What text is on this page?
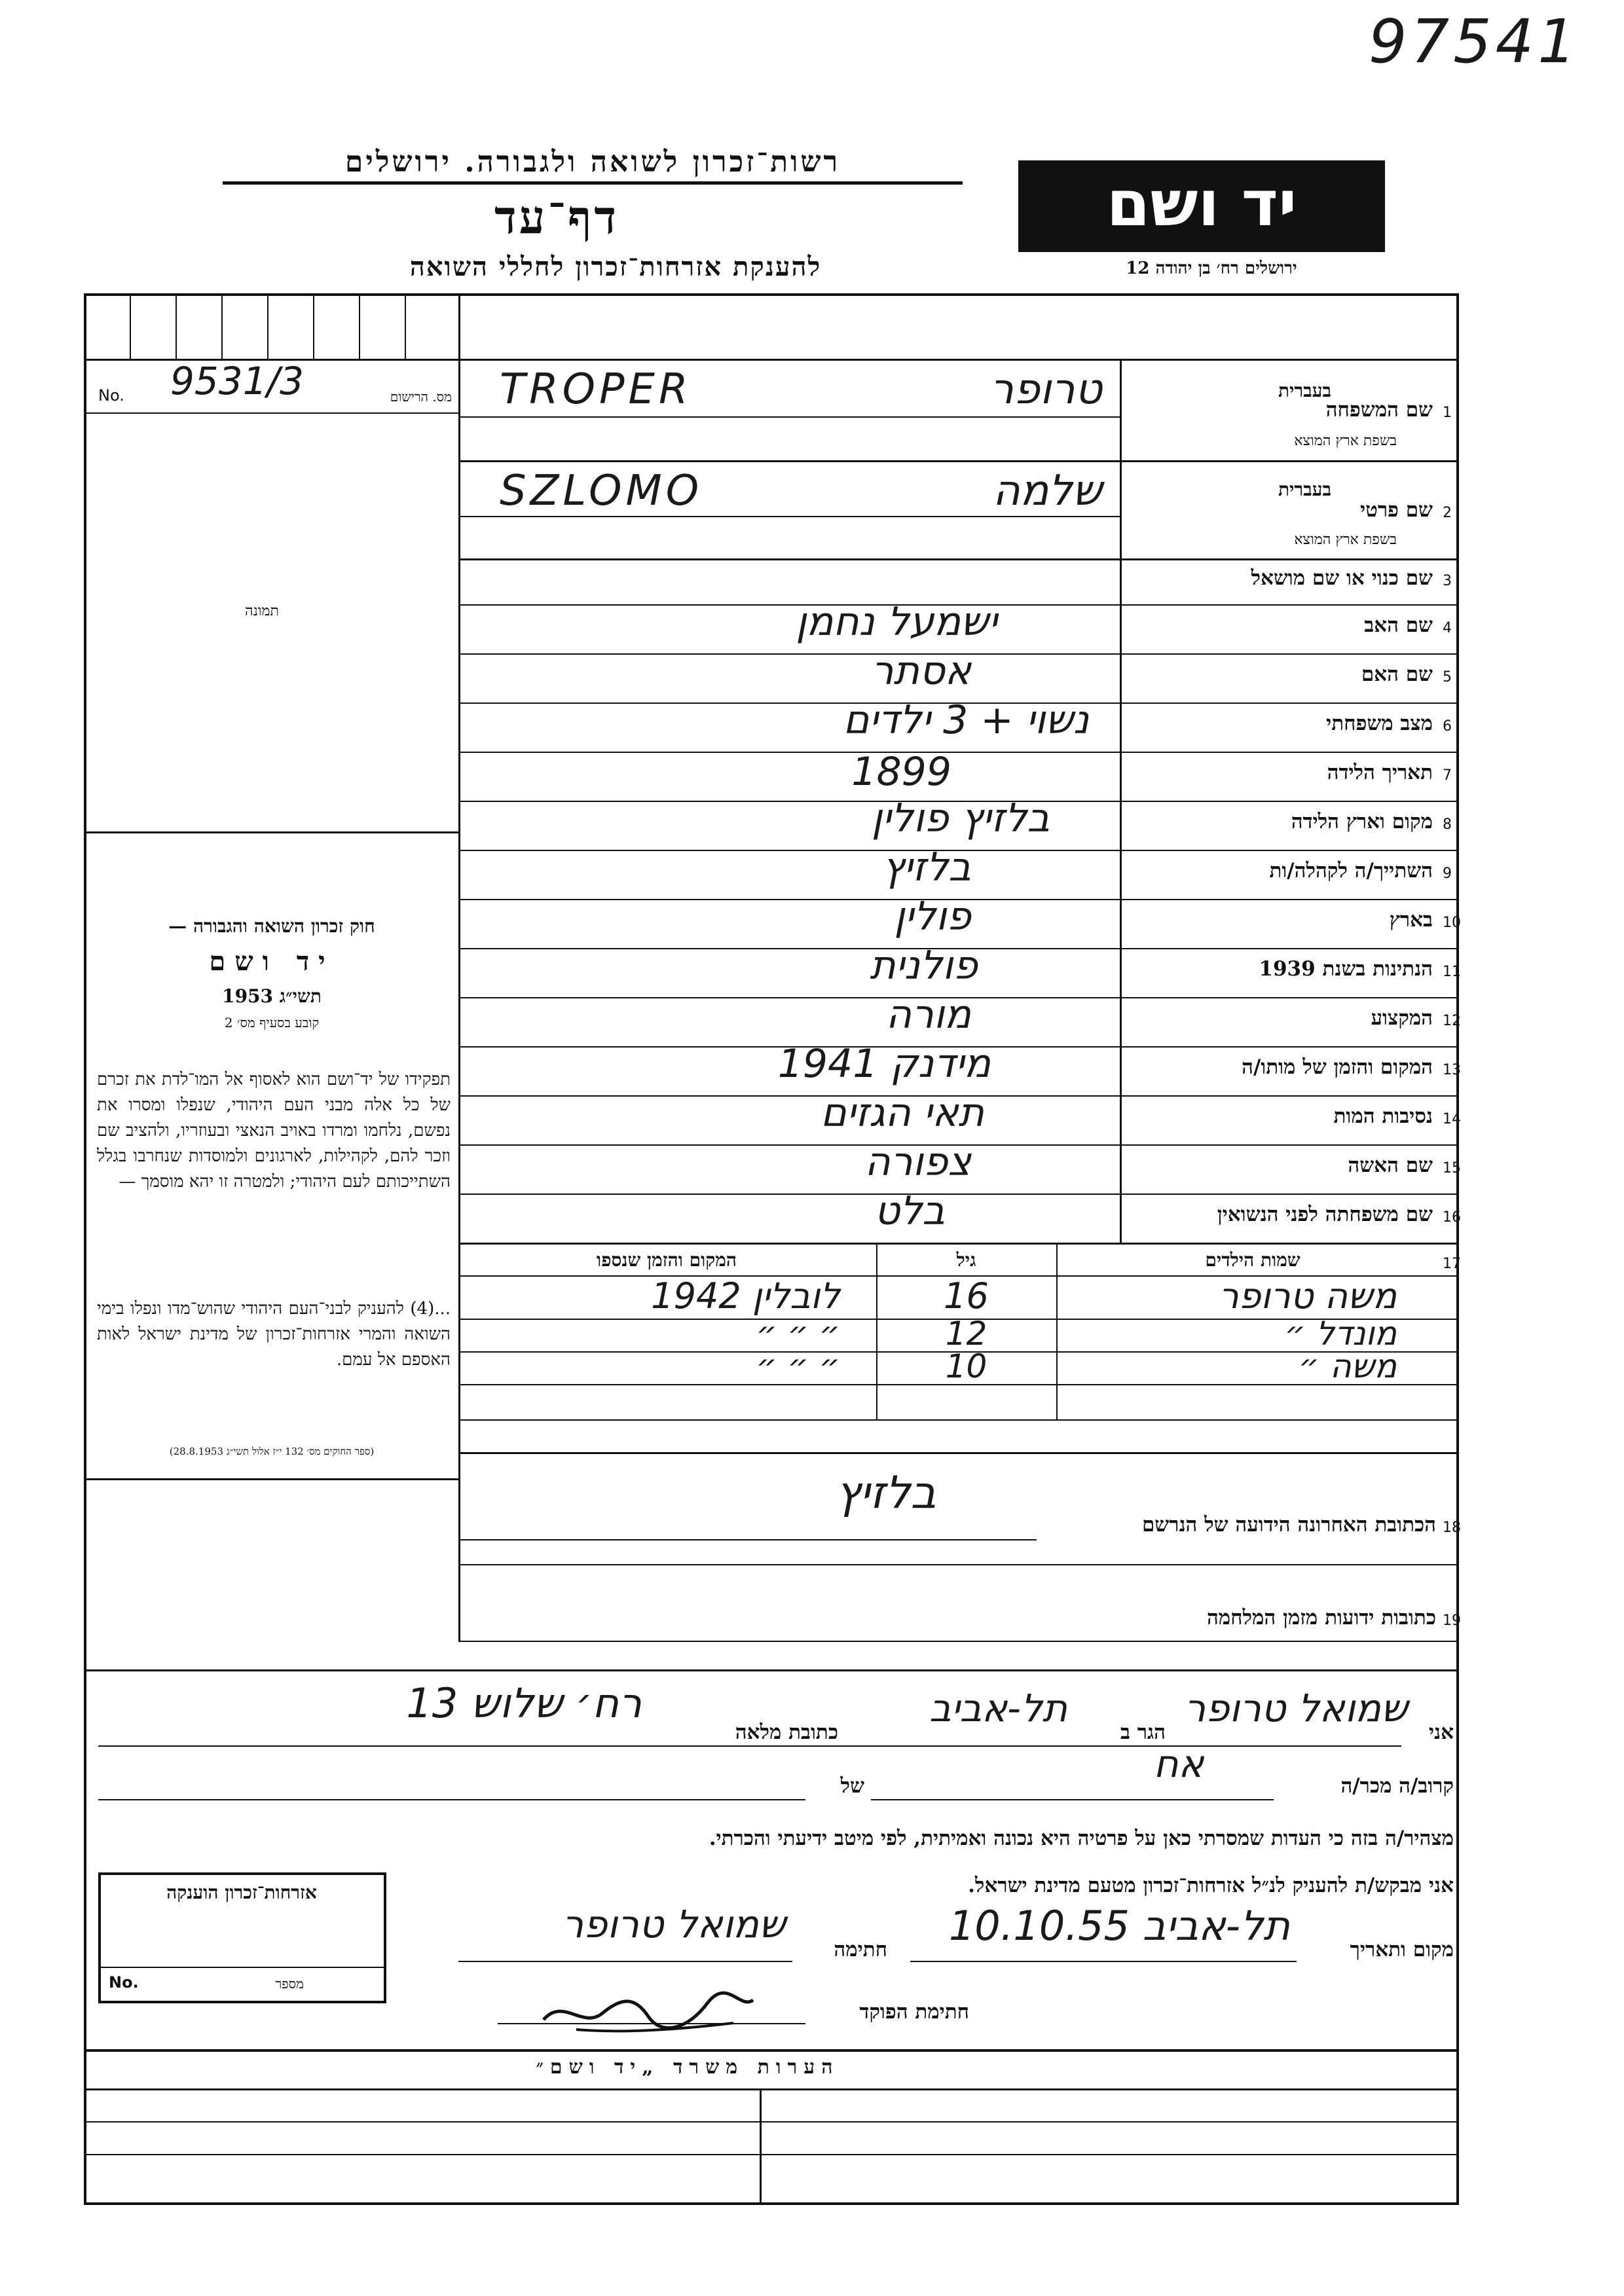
97541
רשות־זכרון לשואה ולגבורה. ירושלים
דף־עד
להענקת אזרחות־זכרון לחללי השואה
יד ושם
ירושלים רח׳ בן יהודה 12
No. 9531/3	מס. הרישום
תמונה
חוק זכרון השואה והגבורה —
יד ושם
תשי״ג 1953
קובע בסעיף מס׳ 2
תפקידו של יד־ושם הוא לאסוף אל המו־לדת את זכרם של כל אלה מבני העם היהודי, שנפלו ומסרו את נפשם, נלחמו ומרדו באויב הנאצי ובעוזריו, ולהציב שם וזכר להם, לקהילות, לארגונים ולמוסדות שנחרבו בגלל השתייכותם לעם היהודי; ולמטרה זו יהא מוסמך —
...(4) להעניק לבני־העם היהודי שהוש־מדו ונפלו בימי השואה והמרי אזרחות־זכרון של מדינת ישראל לאות האספם אל עמם.
(ספר החוקים מס׳ 132 י״ז אלול תשי״ג 28.8.1953)
1
שם המשפחה
בעברית
בשפת ארץ המוצא
טרופר
TROPER
2
שם פרטי
בעברית
בשפת ארץ המוצא
שלמה
SZLOMO
3
שם כנוי או שם מושאל
4
שם האב
ישמעל נחמן
5
שם האם
אסתר
6
מצב משפחתי
נשוי + 3 ילדים
7
תאריך הלידה
1899
8
מקום וארץ הלידה
בלזיץ פולין
9
השתייך/ה לקהלה/ות
בלזיץ
10
בארץ
פולין
11
הנתינות בשנת 1939
פולנית
12
המקצוע
מורה
13
המקום והזמן של מותו/ה
מידנק 1941
14
נסיבות המות
תאי הגזים
15
שם האשה
צפורה
16
שם משפחתה לפני הנשואין
בלט
17
שמות הילדים
גיל
המקום והזמן שנספו
משה טרופר
16
לובלין 1942
מונדל ״
12
״ ״ ״
משה ״
10
״ ״ ״
18
הכתובת האחרונה הידועה של הנרשם
בלזיץ
19
כתובות ידועות מזמן המלחמה
אני
שמואל טרופר
הגר ב
תל-אביב
כתובת מלאה
רח׳ שלוש 13
קרוב/ה מכר/ה
אח
של
מצהיר/ה בזה כי העדות שמסרתי כאן על פרטיה היא נכונה ואמיתית, לפי מיטב ידיעתי והכרתי.
אני מבקש/ת להעניק לנ״ל אזרחות־זכרון מטעם מדינת ישראל.
אזרחות־זכרון הוענקה
No.	מספר
מקום ותאריך
תל-אביב 10.10.55
חתימה
שמואל טרופר
חתימת הפוקד
הערות משרד „יד ושם״
